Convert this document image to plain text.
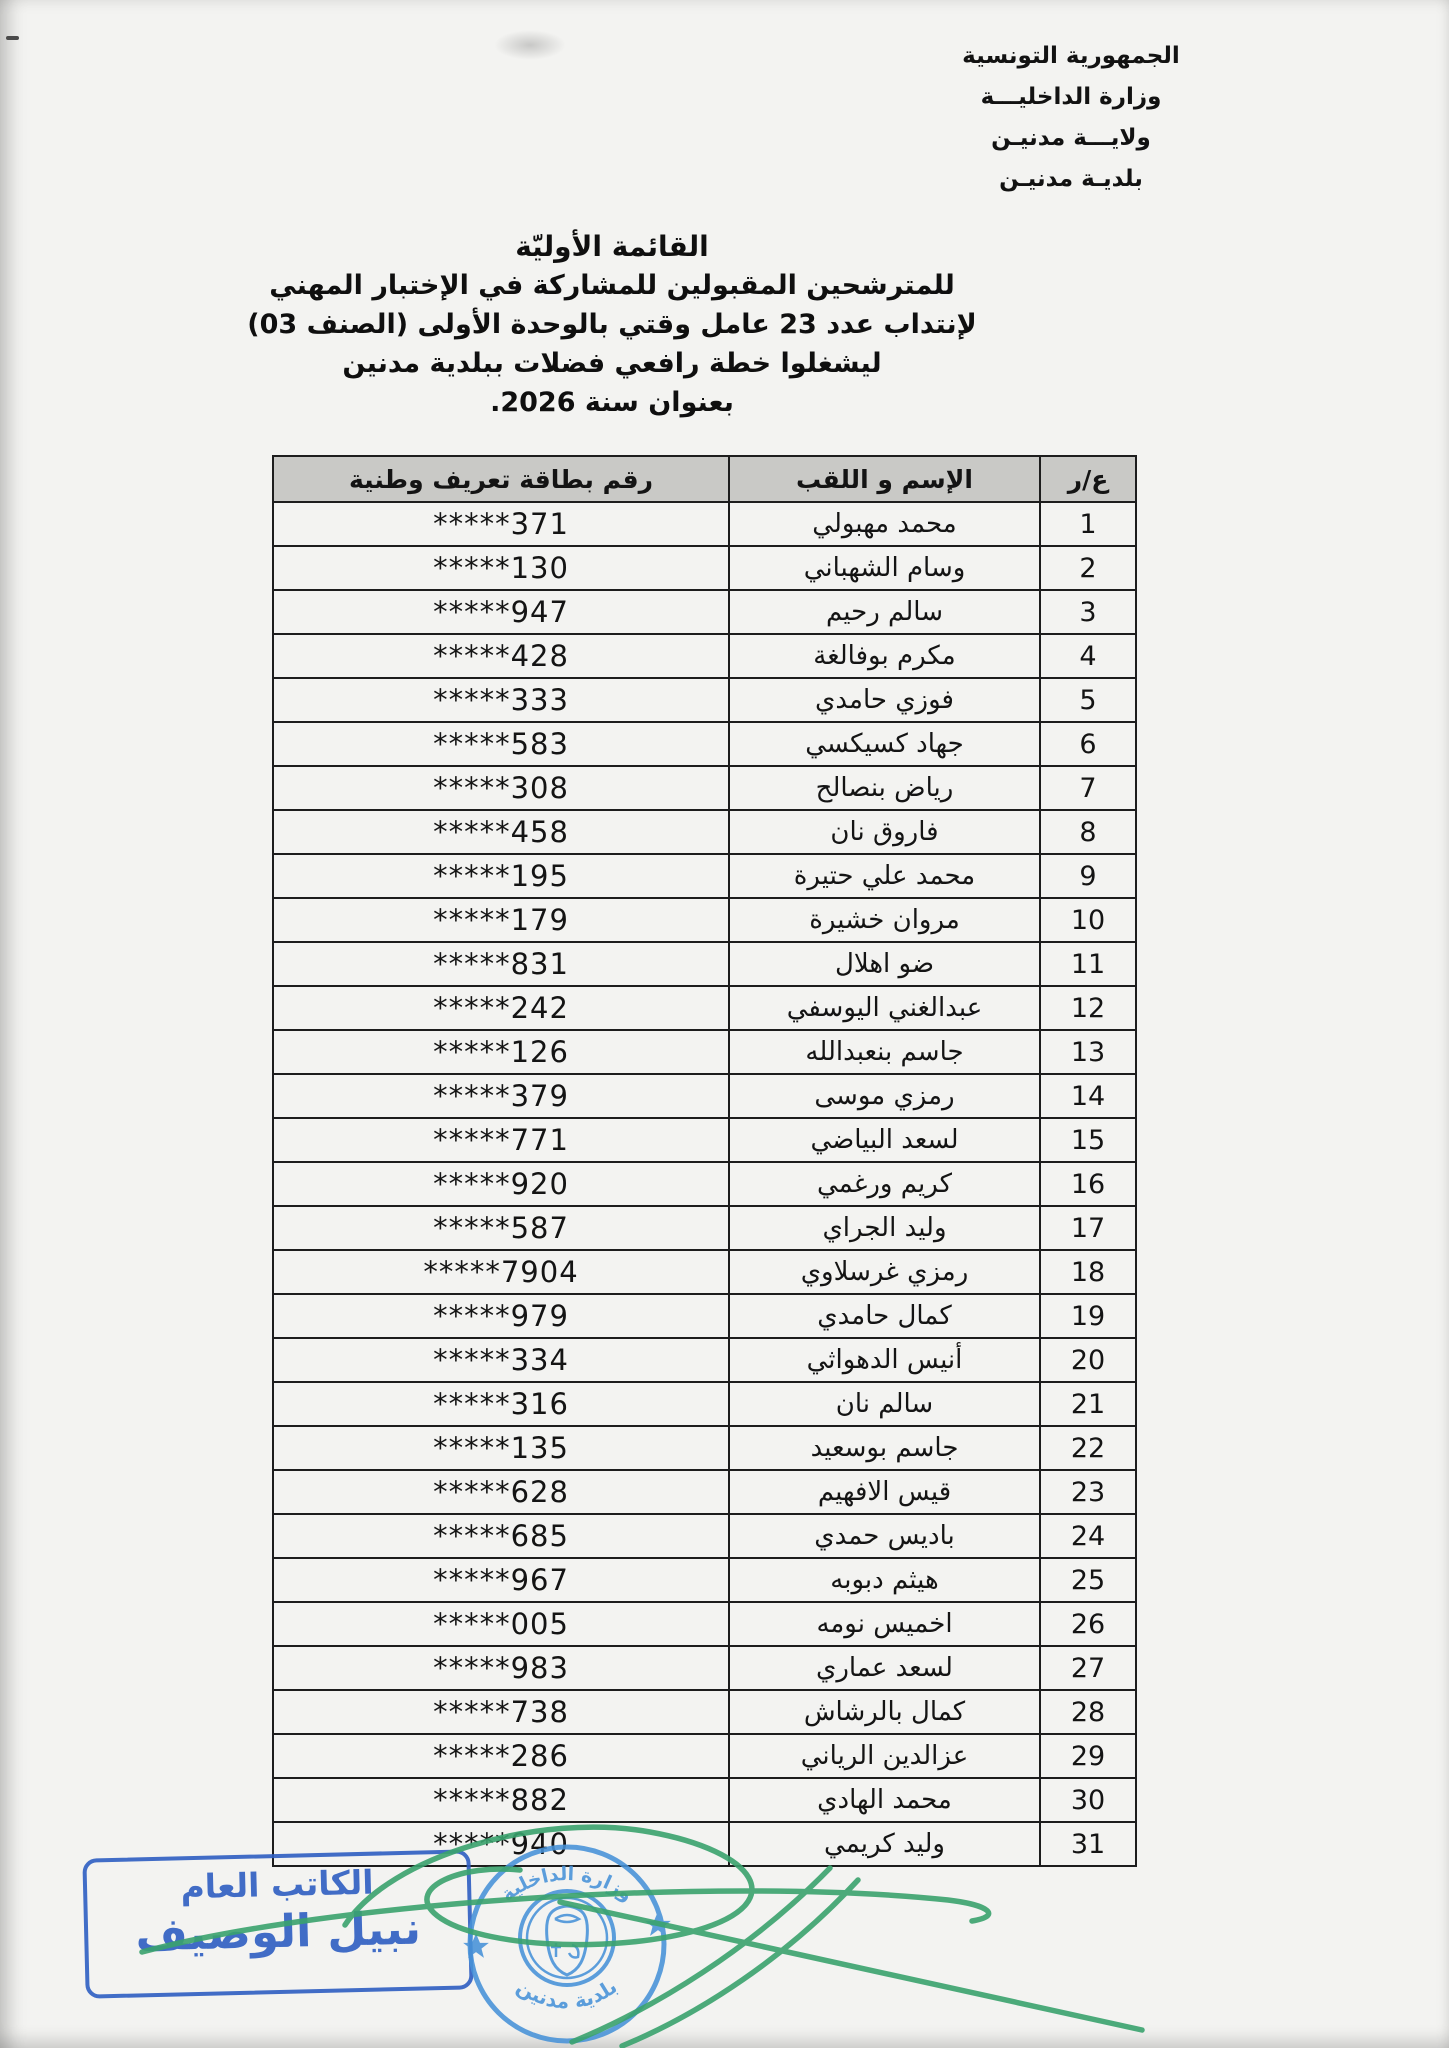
الجمهورية التونسية
وزارة الداخليـــة
ولايـــة مدنيـن
بلديـة مدنيـن
القائمة الأوليّة
للمترشحين المقبولين للمشاركة في الإختبار المهني
لإنتداب عدد 23 عامل وقتي بالوحدة الأولى (الصنف 03)
ليشغلوا خطة رافعي فضلات ببلدية مدنين
بعنوان سنة 2026.
ع/ر	الإسم و اللقب	رقم بطاقة تعريف وطنية
1	محمد مهبولي	*****371
2	وسام الشهباني	*****130
3	سالم رحيم	*****947
4	مكرم بوفالغة	*****428
5	فوزي حامدي	*****333
6	جهاد كسيكسي	*****583
7	رياض بنصالح	*****308
8	فاروق نان	*****458
9	محمد علي حتيرة	*****195
10	مروان خشيرة	*****179
11	ضو اهلال	*****831
12	عبدالغني اليوسفي	*****242
13	جاسم بنعبدالله	*****126
14	رمزي موسى	*****379
15	لسعد البياضي	*****771
16	كريم ورغمي	*****920
17	وليد الجراي	*****587
18	رمزي غرسلاوي	*****7904
19	كمال حامدي	*****979
20	أنيس الدهواثي	*****334
21	سالم نان	*****316
22	جاسم بوسعيد	*****135
23	قيس الافهيم	*****628
24	باديس حمدي	*****685
25	هيثم دبوبه	*****967
26	اخميس نومه	*****005
27	لسعد عماري	*****983
28	كمال بالرشاش	*****738
29	عزالدين الرياني	*****286
30	محمد الهادي	*****882
31	وليد كريمي	*****940
الكاتب العام
نبيل الوصيف
وزارة الداخلية
بلدية مدنين
